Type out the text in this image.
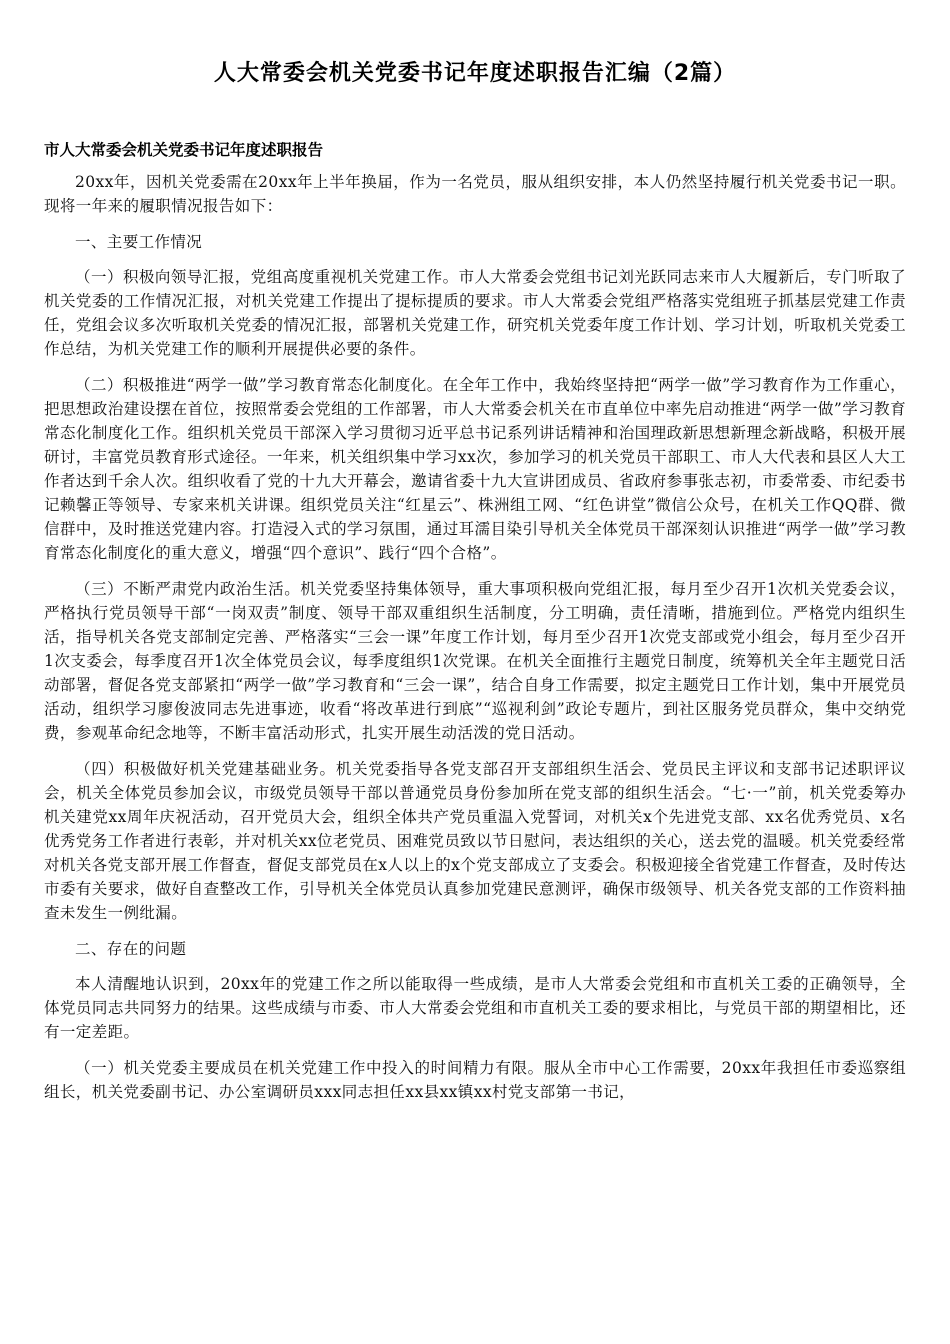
人大常委会机关党委书记年度述职报告汇编（2篇）
市人大常委会机关党委书记年度述职报告

20xx年，因机关党委需在20xx年上半年换届，作为一名党员，服从组织安排，本人仍然坚持履行机关党委书记一职。现将一年来的履职情况报告如下：

一、主要工作情况

（一）积极向领导汇报，党组高度重视机关党建工作。市人大常委会党组书记刘光跃同志来市人大履新后，专门听取了机关党委的工作情况汇报，对机关党建工作提出了提标提质的要求。市人大常委会党组严格落实党组班子抓基层党建工作责任，党组会议多次听取机关党委的情况汇报，部署机关党建工作，研究机关党委年度工作计划、学习计划，听取机关党委工作总结，为机关党建工作的顺利开展提供必要的条件。

（二）积极推进“两学一做”学习教育常态化制度化。在全年工作中，我始终坚持把“两学一做”学习教育作为工作重心，把思想政治建设摆在首位，按照常委会党组的工作部署，市人大常委会机关在市直单位中率先启动推进“两学一做”学习教育常态化制度化工作。组织机关党员干部深入学习贯彻习近平总书记系列讲话精神和治国理政新思想新理念新战略，积极开展研讨，丰富党员教育形式途径。一年来，机关组织集中学习xx次，参加学习的机关党员干部职工、市人大代表和县区人大工作者达到千余人次。组织收看了党的十九大开幕会，邀请省委十九大宣讲团成员、省政府参事张志初，市委常委、市纪委书记赖馨正等领导、专家来机关讲课。组织党员关注“红星云”、株洲组工网、“红色讲堂”微信公众号，在机关工作QQ群、微信群中，及时推送党建内容。打造浸入式的学习氛围，通过耳濡目染引导机关全体党员干部深刻认识推进“两学一做”学习教育常态化制度化的重大意义，增强“四个意识”、践行“四个合格”。

（三）不断严肃党内政治生活。机关党委坚持集体领导，重大事项积极向党组汇报，每月至少召开1次机关党委会议，严格执行党员领导干部“一岗双责”制度、领导干部双重组织生活制度，分工明确，责任清晰，措施到位。严格党内组织生活，指导机关各党支部制定完善、严格落实“三会一课”年度工作计划，每月至少召开1次党支部或党小组会，每月至少召开1次支委会，每季度召开1次全体党员会议，每季度组织1次党课。在机关全面推行主题党日制度，统筹机关全年主题党日活动部署，督促各党支部紧扣“两学一做”学习教育和“三会一课”，结合自身工作需要，拟定主题党日工作计划，集中开展党员活动，组织学习廖俊波同志先进事迹，收看“将改革进行到底”“巡视利剑”政论专题片，到社区服务党员群众，集中交纳党费，参观革命纪念地等，不断丰富活动形式，扎实开展生动活泼的党日活动。

（四）积极做好机关党建基础业务。机关党委指导各党支部召开支部组织生活会、党员民主评议和支部书记述职评议会，机关全体党员参加会议，市级党员领导干部以普通党员身份参加所在党支部的组织生活会。“七·一”前，机关党委筹办机关建党xx周年庆祝活动，召开党员大会，组织全体共产党员重温入党誓词，对机关x个先进党支部、xx名优秀党员、x名优秀党务工作者进行表彰，并对机关xx位老党员、困难党员致以节日慰问，表达组织的关心，送去党的温暖。机关党委经常对机关各党支部开展工作督查，督促支部党员在x人以上的x个党支部成立了支委会。积极迎接全省党建工作督查，及时传达市委有关要求，做好自查整改工作，引导机关全体党员认真参加党建民意测评，确保市级领导、机关各党支部的工作资料抽查未发生一例纰漏。

二、存在的问题

本人清醒地认识到，20xx年的党建工作之所以能取得一些成绩，是市人大常委会党组和市直机关工委的正确领导，全体党员同志共同努力的结果。这些成绩与市委、市人大常委会党组和市直机关工委的要求相比，与党员干部的期望相比，还有一定差距。

（一）机关党委主要成员在机关党建工作中投入的时间精力有限。服从全市中心工作需要，20xx年我担任市委巡察组组长，机关党委副书记、办公室调研员xxx同志担任xx县xx镇xx村党支部第一书记，
